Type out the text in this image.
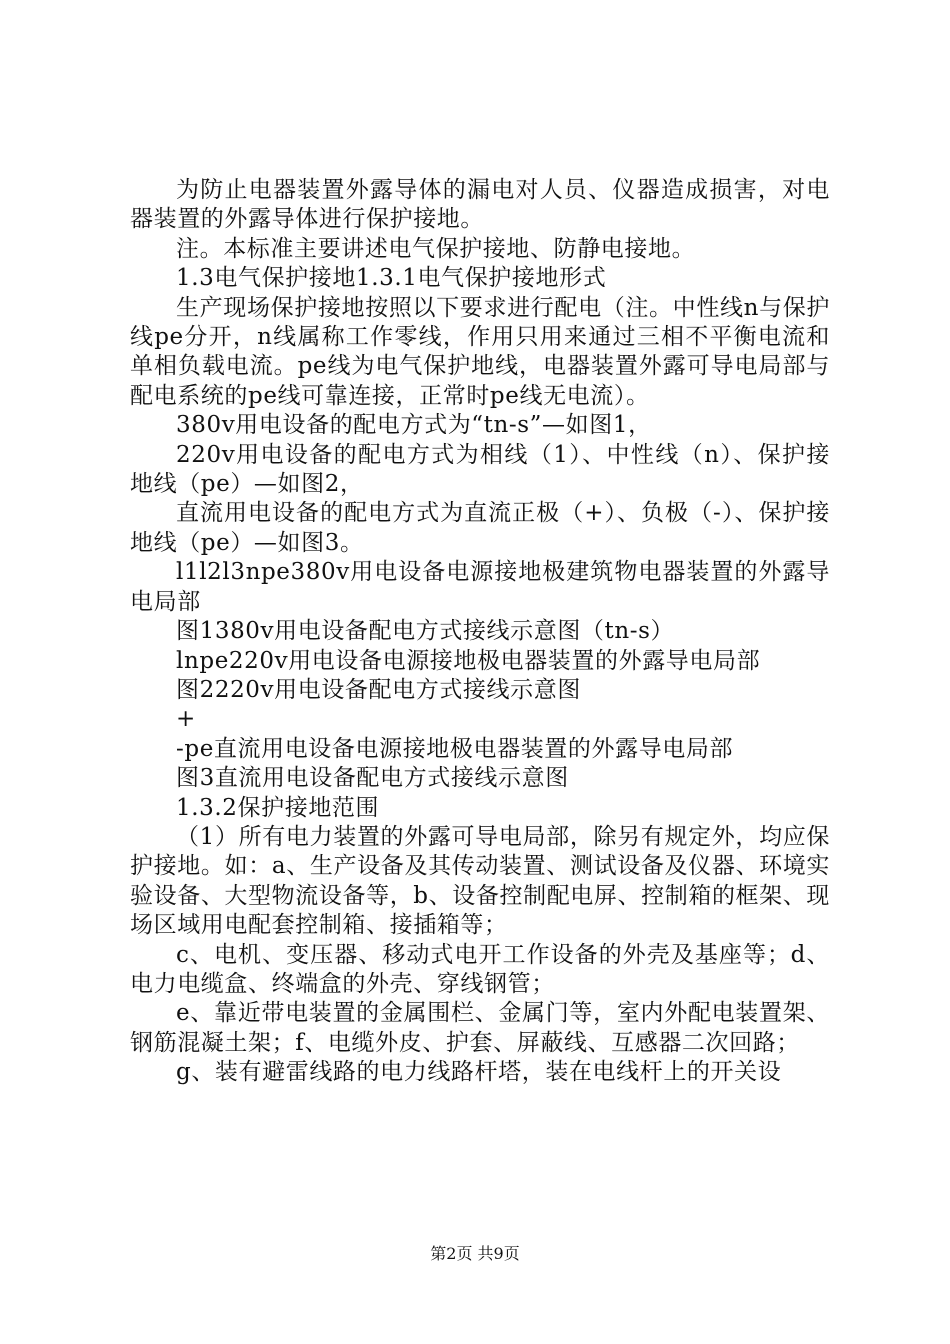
为防止电器装置外露导体的漏电对人员、仪器造成损害，对电器装置的外露导体进行保护接地。

注。本标准主要讲述电气保护接地、防静电接地。

1.3电气保护接地1.3.1电气保护接地形式

生产现场保护接地按照以下要求进行配电（注。中性线n与保护线pe分开，n线属称工作零线，作用只用来通过三相不平衡电流和单相负载电流。pe线为电气保护地线，电器装置外露可导电局部与配电系统的pe线可靠连接，正常时pe线无电流）。

380v用电设备的配电方式为“tn-s”—如图1，

220v用电设备的配电方式为相线（1）、中性线（n）、保护接地线（pe）—如图2，

直流用电设备的配电方式为直流正极（+）、负极（-）、保护接地线（pe）—如图3。

l1l2l3npe380v用电设备电源接地极建筑物电器装置的外露导电局部

图1380v用电设备配电方式接线示意图（tn-s）

lnpe220v用电设备电源接地极电器装置的外露导电局部

图2220v用电设备配电方式接线示意图

+

-pe直流用电设备电源接地极电器装置的外露导电局部

图3直流用电设备配电方式接线示意图

1.3.2保护接地范围

（1）所有电力装置的外露可导电局部，除另有规定外，均应保护接地。如：a、生产设备及其传动装置、测试设备及仪器、环境实验设备、大型物流设备等，b、设备控制配电屏、控制箱的框架、现场区域用电配套控制箱、接插箱等；

c、电机、变压器、移动式电开工作设备的外壳及基座等；d、电力电缆盒、终端盒的外壳、穿线钢管；

e、靠近带电装置的金属围栏、金属门等，室内外配电装置架、钢筋混凝土架；f、电缆外皮、护套、屏蔽线、互感器二次回路；

g、装有避雷线路的电力线路杆塔，装在电线杆上的开关设

第2页 共9页
